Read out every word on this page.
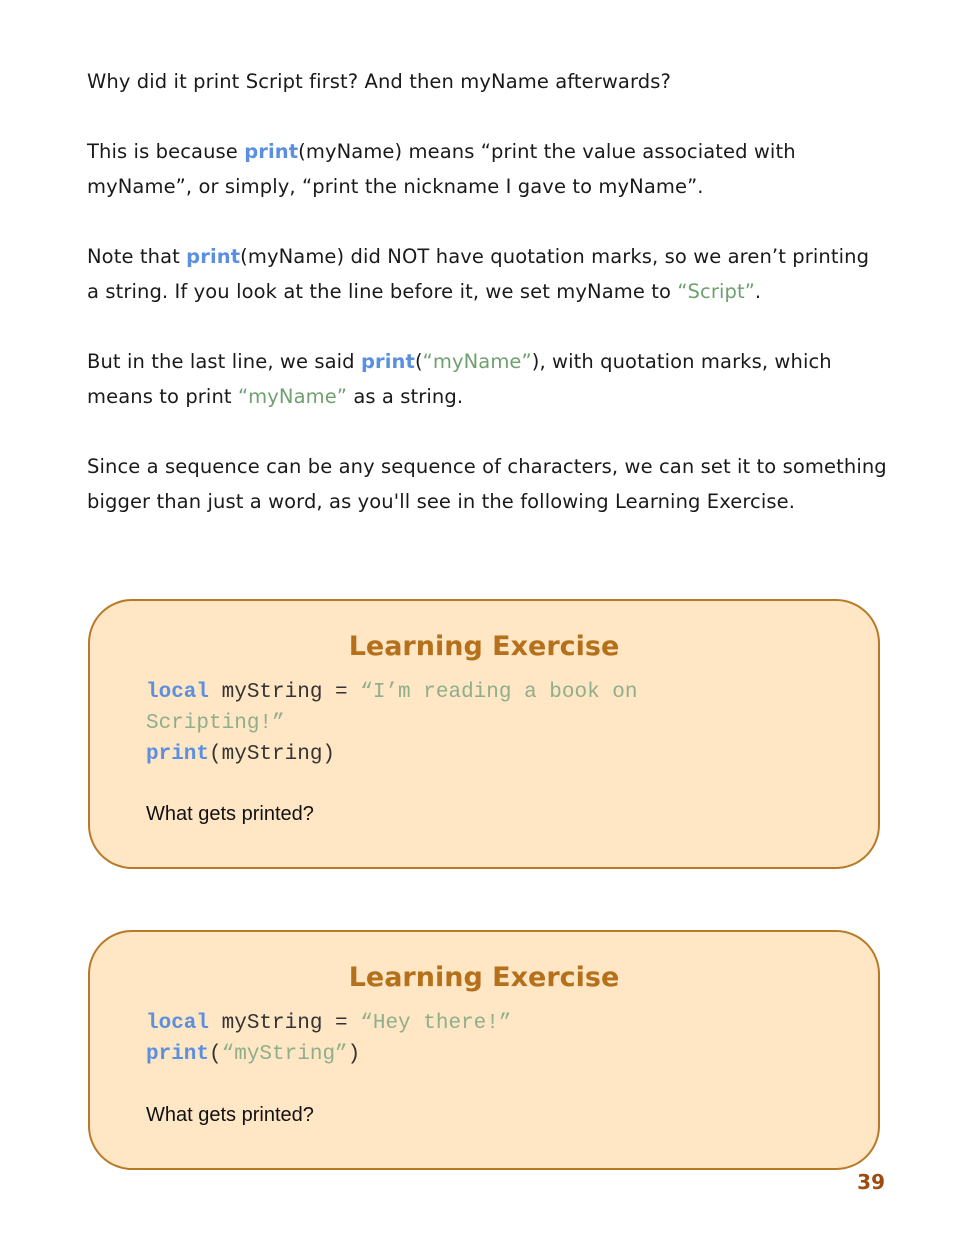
Why did it print Script first? And then myName afterwards?

This is because print(myName) means “print the value associated with myName”, or simply, “print the nickname I gave to myName”.

Note that print(myName) did NOT have quotation marks, so we aren’t printing a string. If you look at the line before it, we set myName to “Script”.

But in the last line, we said print(“myName”), with quotation marks, which means to print “myName” as a string.

Since a sequence can be any sequence of characters, we can set it to something bigger than just a word, as you'll see in the following Learning Exercise.

Learning Exercise

local myString = “I’m reading a book on
Scripting!”
print(myString)

What gets printed?

Learning Exercise

local myString = “Hey there!”
print(“myString”)

What gets printed?

39
